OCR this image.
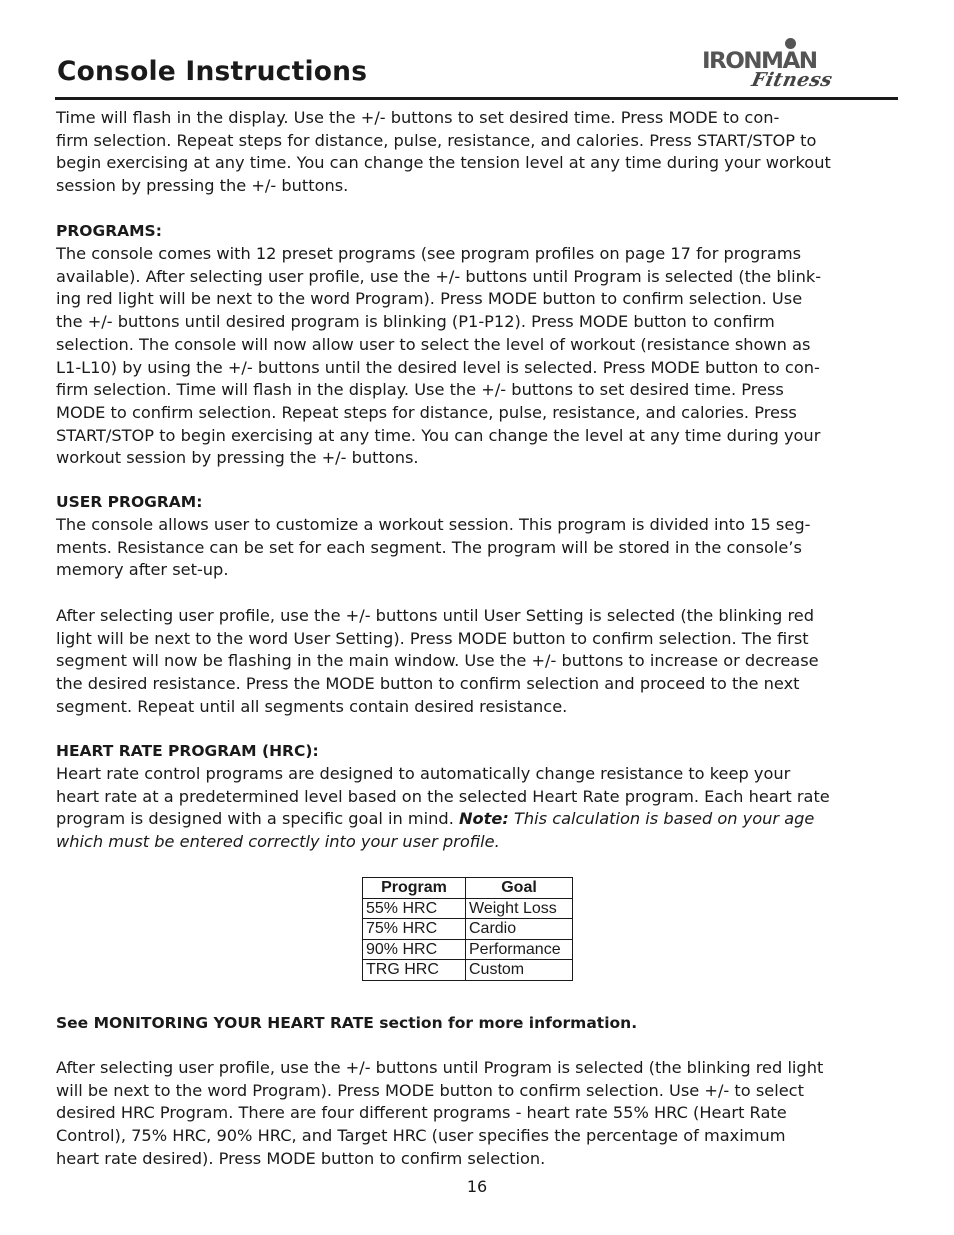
Console Instructions	IRONMAN
Fitness

Time will flash in the display. Use the +/- buttons to set desired time. Press MODE to con-
firm selection. Repeat steps for distance, pulse, resistance, and calories. Press START/STOP to
begin exercising at any time. You can change the tension level at any time during your workout
session by pressing the +/- buttons.

PROGRAMS:

The console comes with 12 preset programs (see program profiles on page 17 for programs
available). After selecting user profile, use the +/- buttons until Program is selected (the blink-
ing red light will be next to the word Program). Press MODE button to confirm selection. Use
the +/- buttons until desired program is blinking (P1-P12). Press MODE button to confirm
selection. The console will now allow user to select the level of workout (resistance shown as
L1-L10) by using the +/- buttons until the desired level is selected. Press MODE button to con-
firm selection. Time will flash in the display. Use the +/- buttons to set desired time. Press
MODE to confirm selection. Repeat steps for distance, pulse, resistance, and calories. Press
START/STOP to begin exercising at any time. You can change the level at any time during your
workout session by pressing the +/- buttons.

USER PROGRAM:

The console allows user to customize a workout session. This program is divided into 15 seg-
ments. Resistance can be set for each segment. The program will be stored in the console’s
memory after set-up.

After selecting user profile, use the +/- buttons until User Setting is selected (the blinking red
light will be next to the word User Setting). Press MODE button to confirm selection. The first
segment will now be flashing in the main window. Use the +/- buttons to increase or decrease
the desired resistance. Press the MODE button to confirm selection and proceed to the next
segment. Repeat until all segments contain desired resistance.

HEART RATE PROGRAM (HRC):

Heart rate control programs are designed to automatically change resistance to keep your
heart rate at a predetermined level based on the selected Heart Rate program. Each heart rate
program is designed with a specific goal in mind. Note: This calculation is based on your age
which must be entered correctly into your user profile.

Program	Goal
55% HRC	Weight Loss
75% HRC	Cardio
90% HRC	Performance
TRG HRC	Custom
See MONITORING YOUR HEART RATE section for more information.

After selecting user profile, use the +/- buttons until Program is selected (the blinking red light
will be next to the word Program). Press MODE button to confirm selection. Use +/- to select
desired HRC Program. There are four different programs - heart rate 55% HRC (Heart Rate
Control), 75% HRC, 90% HRC, and Target HRC (user specifies the percentage of maximum
heart rate desired). Press MODE button to confirm selection.

16
